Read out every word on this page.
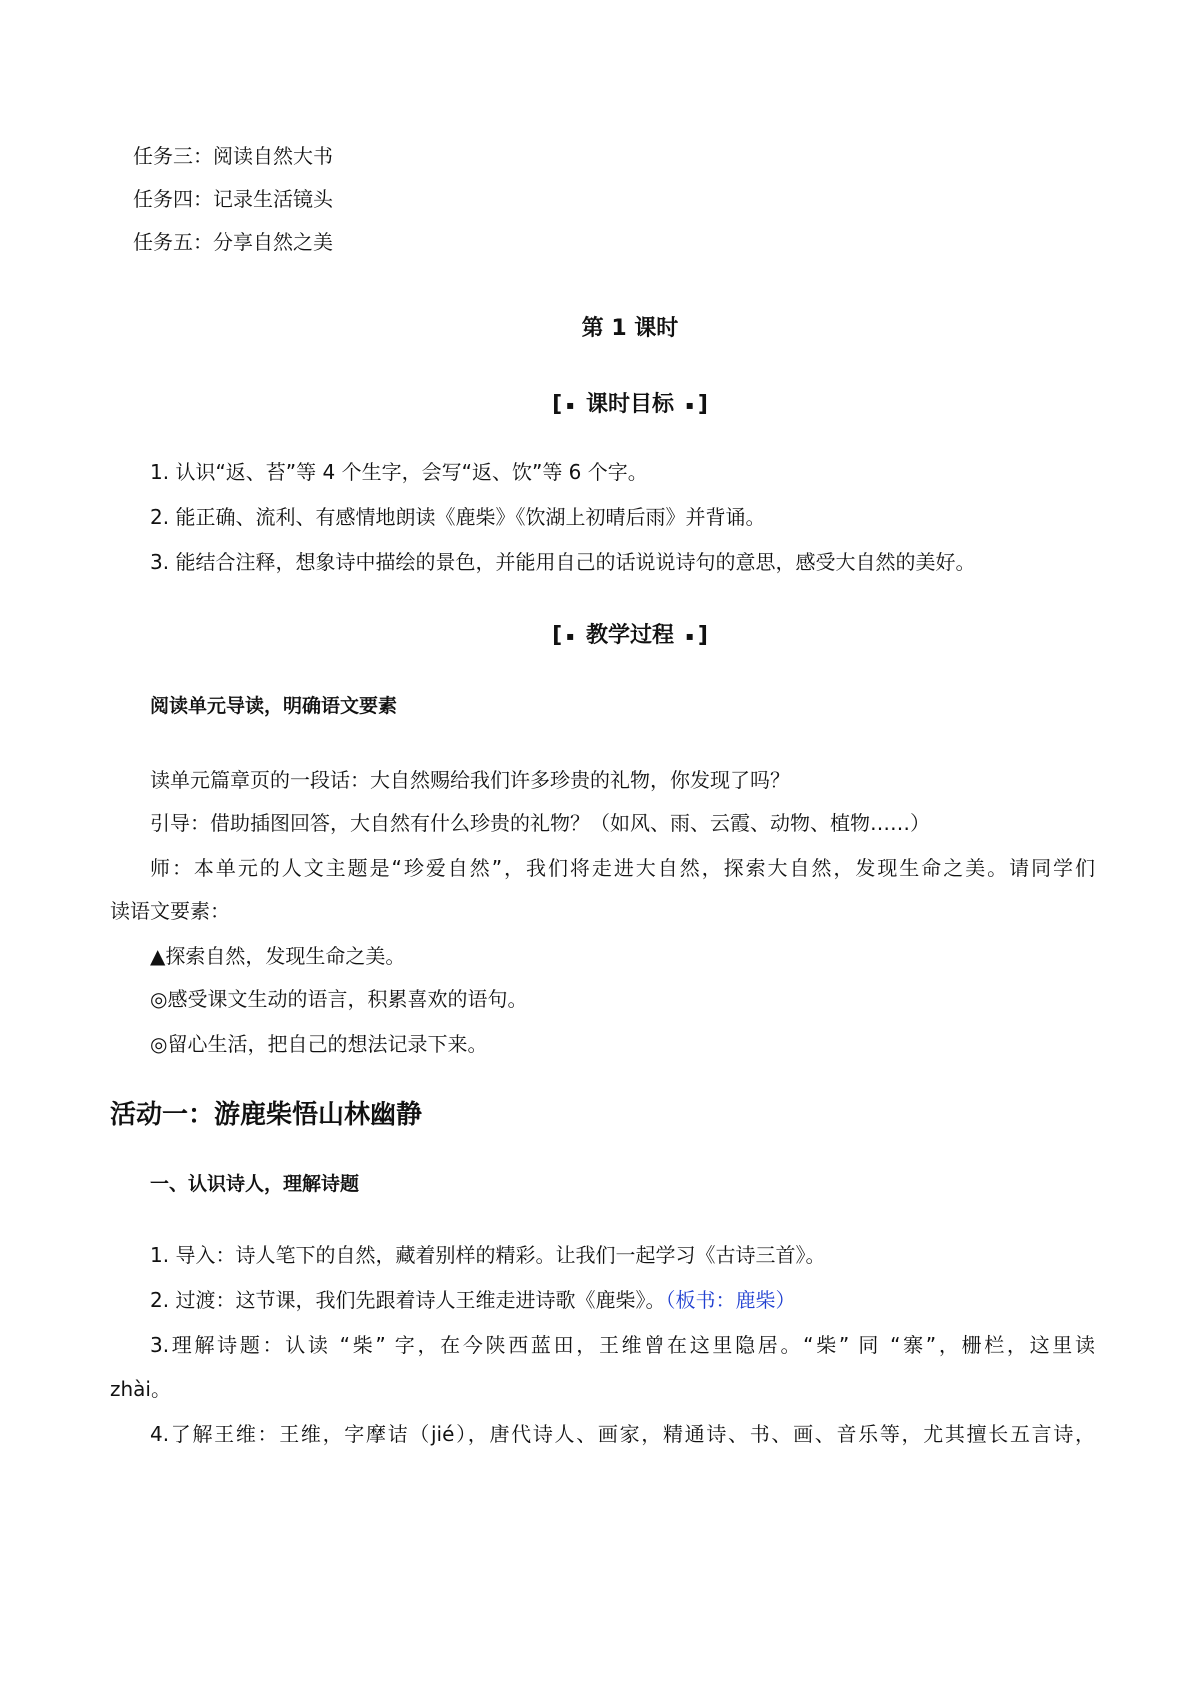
任务三：阅读自然大书
任务四：记录生活镜头
任务五：分享自然之美
第 1 课时
[ ▪ 课时目标 ▪ ]
1. 认识“返、苔”等 4 个生字，会写“返、饮”等 6 个字。
2. 能正确、流利、有感情地朗读《鹿柴》《饮湖上初晴后雨》并背诵。
3. 能结合注释，想象诗中描绘的景色，并能用自己的话说说诗句的意思，感受大自然的美好。
[ ▪ 教学过程 ▪ ]
阅读单元导读，明确语文要素
读单元篇章页的一段话：大自然赐给我们许多珍贵的礼物，你发现了吗？
引导：借助插图回答，大自然有什么珍贵的礼物？（如风、雨、云霞、动物、植物……）
师：本单元的人文主题是“珍爱自然”，我们将走进大自然，探索大自然，发现生命之美。请同学们
读语文要素：
▲探索自然，发现生命之美。
◎感受课文生动的语言，积累喜欢的语句。
◎留心生活，把自己的想法记录下来。
活动一：游鹿柴悟山林幽静
一、认识诗人，理解诗题
1. 导入：诗人笔下的自然，藏着别样的精彩。让我们一起学习《古诗三首》。
2. 过渡：这节课，我们先跟着诗人王维走进诗歌《鹿柴》。（板书：鹿柴）
3.理解诗题：认读 “柴” 字，在今陕西蓝田，王维曾在这里隐居。“柴” 同 “寨”，栅栏，这里读
zhài。
4.了解王维：王维，字摩诘（jié），唐代诗人、画家，精通诗、书、画、音乐等，尤其擅长五言诗，
